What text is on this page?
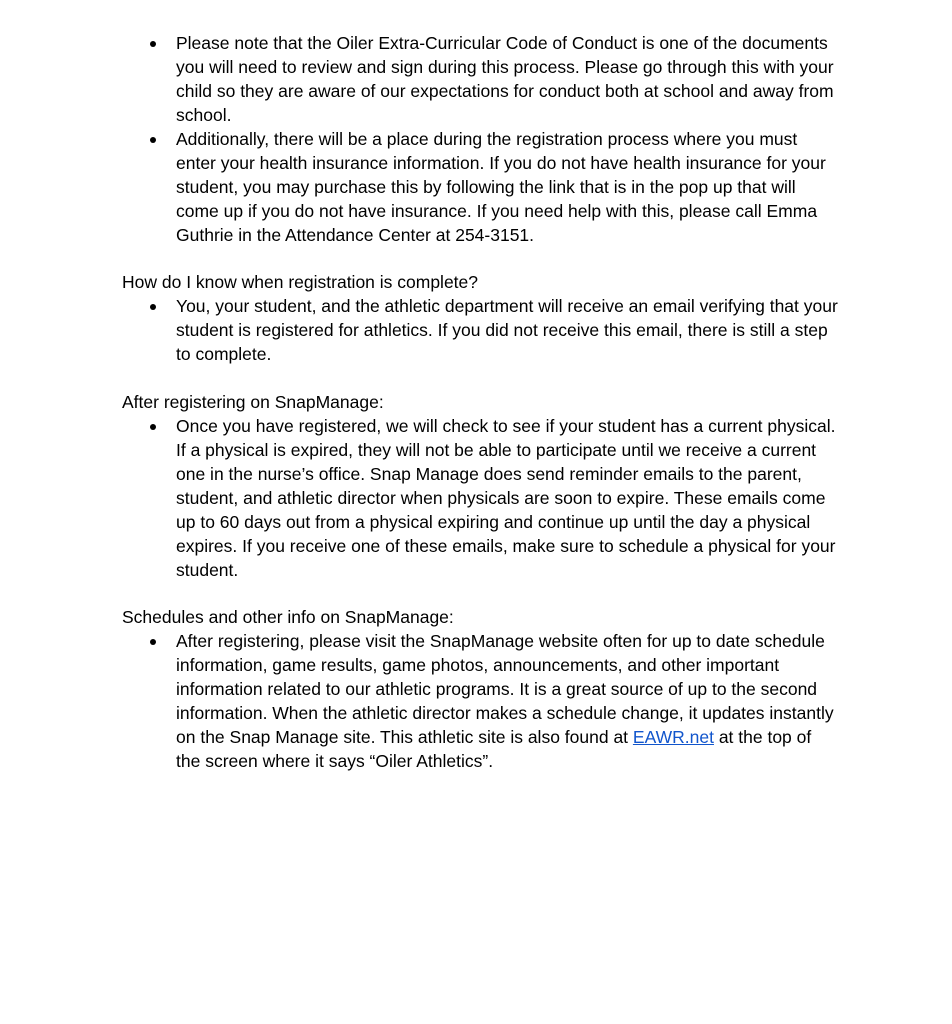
Please note that the Oiler Extra-Curricular Code of Conduct is one of the documents you will need to review and sign during this process. Please go through this with your child so they are aware of our expectations for conduct both at school and away from school.
Additionally, there will be a place during the registration process where you must enter your health insurance information. If you do not have health insurance for your student, you may purchase this by following the link that is in the pop up that will come up if you do not have insurance. If you need help with this, please call Emma Guthrie in the Attendance Center at 254-3151.
How do I know when registration is complete?
You, your student, and the athletic department will receive an email verifying that your student is registered for athletics. If you did not receive this email, there is still a step to complete.
After registering on SnapManage:
Once you have registered, we will check to see if your student has a current physical. If a physical is expired, they will not be able to participate until we receive a current one in the nurse’s office. Snap Manage does send reminder emails to the parent, student, and athletic director when physicals are soon to expire. These emails come up to 60 days out from a physical expiring and continue up until the day a physical expires. If you receive one of these emails, make sure to schedule a physical for your student.
Schedules and other info on SnapManage:
After registering, please visit the SnapManage website often for up to date schedule information, game results, game photos, announcements, and other important information related to our athletic programs. It is a great source of up to the second information. When the athletic director makes a schedule change, it updates instantly on the Snap Manage site. This athletic site is also found at EAWR.net at the top of the screen where it says “Oiler Athletics”.
